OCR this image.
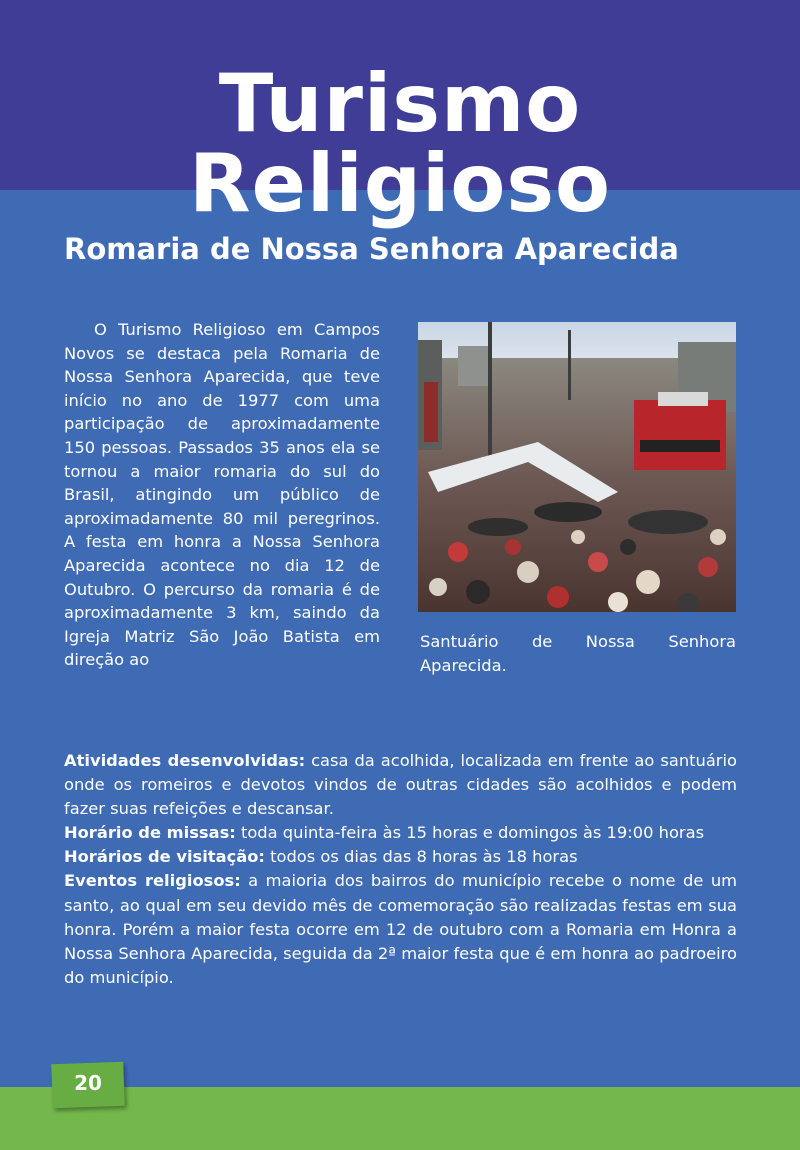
Turismo Religioso
Romaria de Nossa Senhora Aparecida

O Turismo Religioso em Campos Novos se destaca pela Romaria de Nossa Senhora Aparecida, que teve início no ano de 1977 com uma participação de aproximadamente 150 pessoas. Passados 35 anos ela se tornou a maior romaria do sul do Brasil, atingindo um público de aproximadamente 80 mil peregrinos. A festa em honra a Nossa Senhora Aparecida acontece no dia 12 de Outubro. O percurso da romaria é de aproximadamente 3 km, saindo da Igreja Matriz São João Batista em direção ao

Santuário de Nossa Senhora Aparecida.

Atividades desenvolvidas: casa da acolhida, localizada em frente ao santuário onde os romeiros e devotos vindos de outras cidades são acolhidos e podem fazer suas refeições e descansar.

Horário de missas: toda quinta-feira às 15 horas e domingos às 19:00 horas

Horários de visitação: todos os dias das 8 horas às 18 horas

Eventos religiosos: a maioria dos bairros do município recebe o nome de um santo, ao qual em seu devido mês de comemoração são realizadas festas em sua honra. Porém a maior festa ocorre em 12 de outubro com a Romaria em Honra a Nossa Senhora Aparecida, seguida da 2ª maior festa que é em honra ao padroeiro do município.

20
